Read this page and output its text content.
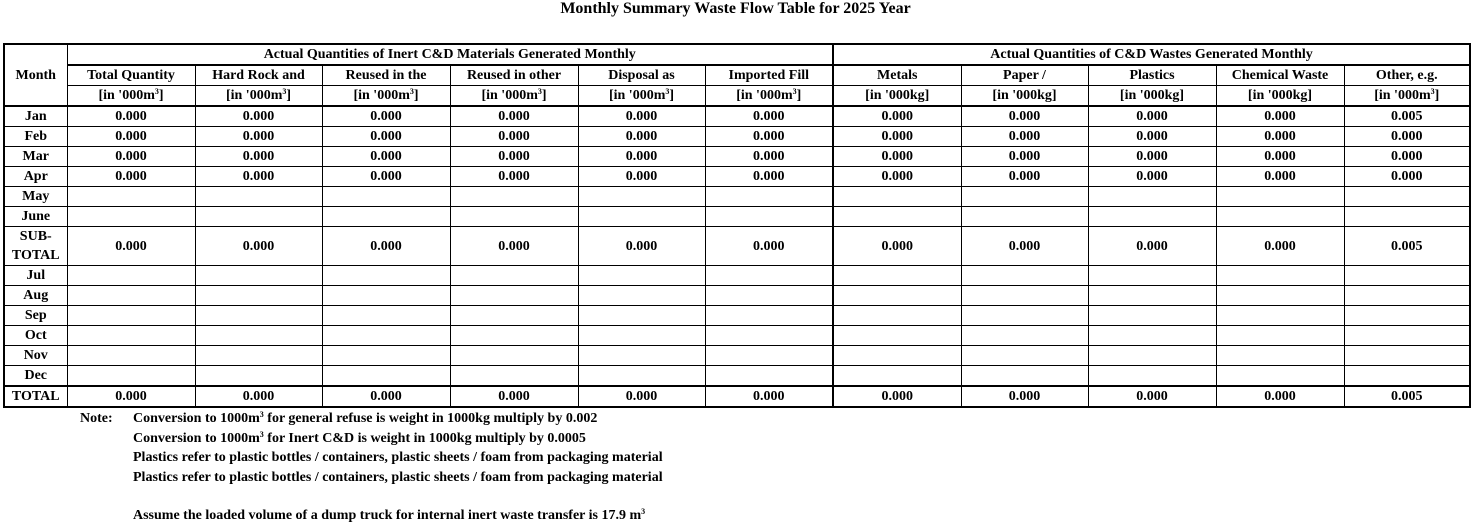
Monthly Summary Waste Flow Table for 2025 Year
Month	Actual Quantities of Inert C&D Materials Generated Monthly						Actual Quantities of C&D Wastes Generated Monthly				
	Total Quantity	Hard Rock and	Reused in the	Reused in other	Disposal as	Imported Fill	Metals	Paper /	Plastics	Chemical Waste	Other, e.g.
	[in '$000m^3$]	[in '$000m^3$]	[in '$000m^3$]	[in '$000m^3$]	[in '$000m^3$]	[in '$000m^3$]	[in '000kg]	[in '000kg]	[in '000kg]	[in '000kg]	[in '$000m^3$]
Jan	0.000	0.000	0.000	0.000	0.000	0.000	0.000	0.000	0.000	0.000	0.005
Feb	0.000	0.000	0.000	0.000	0.000	0.000	0.000	0.000	0.000	0.000	0.000
Mar	0.000	0.000	0.000	0.000	0.000	0.000	0.000	0.000	0.000	0.000	0.000
Apr	0.000	0.000	0.000	0.000	0.000	0.000	0.000	0.000	0.000	0.000	0.000
May											
June											

SUB-
TOTAL	0.000	0.000	0.000	0.000	0.000	0.000	0.000	0.000	0.000	0.000	0.005
Jul											
Aug											
Sep											
Oct											
Nov											
Dec											
TOTAL	0.000	0.000	0.000	0.000	0.000	0.000	0.000	0.000	0.000	0.000	0.005
Note: Conversion to $1000m^3$ for general refuse is weight in 1000kg multiply by 0.002
Conversion to $1000m^3$ for Inert C&D is weight in 1000kg multiply by 0.0005
Plastics refer to plastic bottles / containers, plastic sheets / foam from packaging material
Plastics refer to plastic bottles / containers, plastic sheets / foam from packaging material
Assume the loaded volume of a dump truck for internal inert waste transfer is 17.9 $m^3$
